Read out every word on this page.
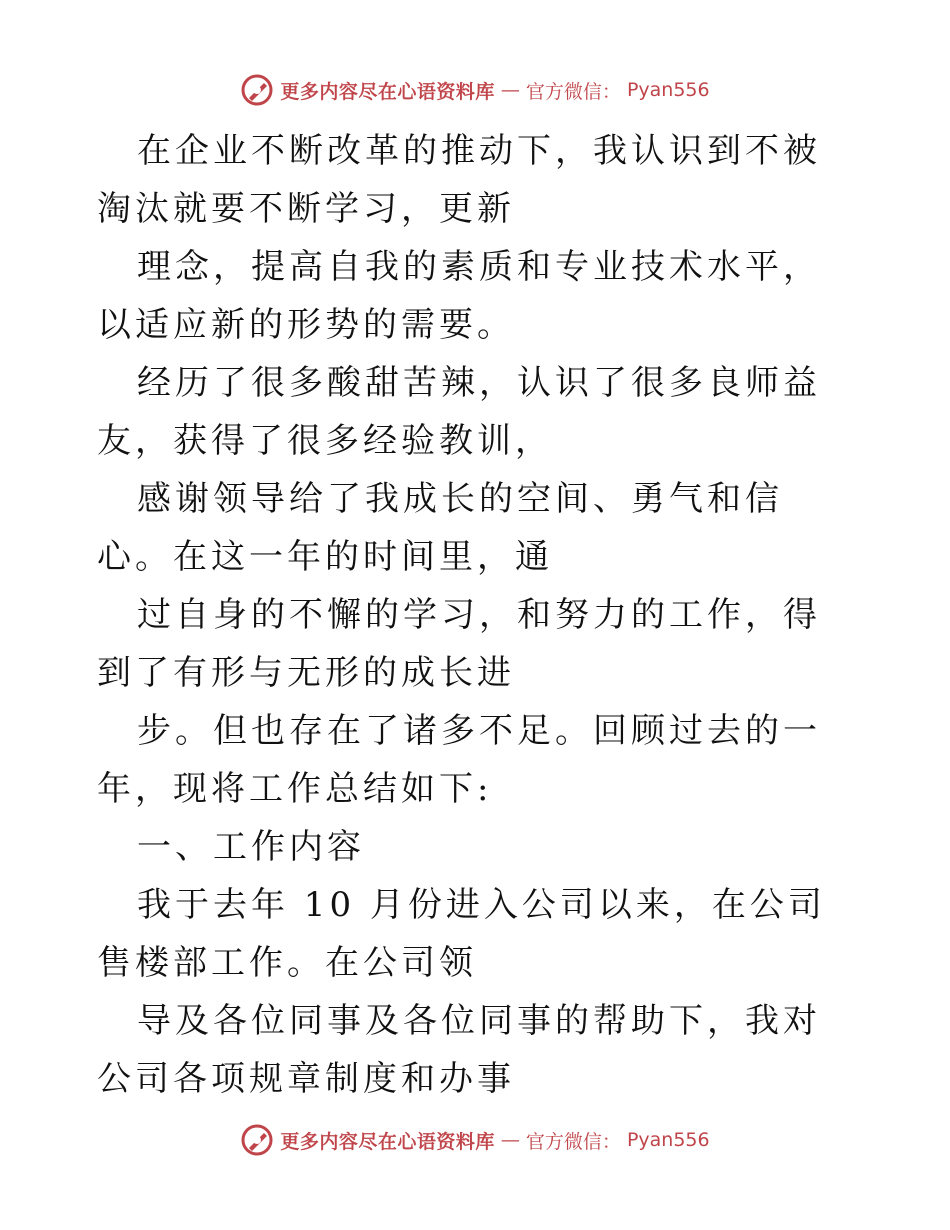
更多内容尽在心语资料库 — 官方微信： Pyan556

在企业不断改革的推动下，我认识到不被淘汰就要不断学习，更新

理念，提高自我的素质和专业技术水平，以适应新的形势的需要。

经历了很多酸甜苦辣，认识了很多良师益友，获得了很多经验教训，

感谢领导给了我成长的空间、勇气和信心。在这一年的时间里，通

过自身的不懈的学习，和努力的工作，得到了有形与无形的成长进

步。但也存在了诸多不足。回顾过去的一年，现将工作总结如下:

一、工作内容

我于去年 10 月份进入公司以来，在公司售楼部工作。在公司领

导及各位同事及各位同事的帮助下，我对公司各项规章制度和办事

更多内容尽在心语资料库 — 官方微信： Pyan556
